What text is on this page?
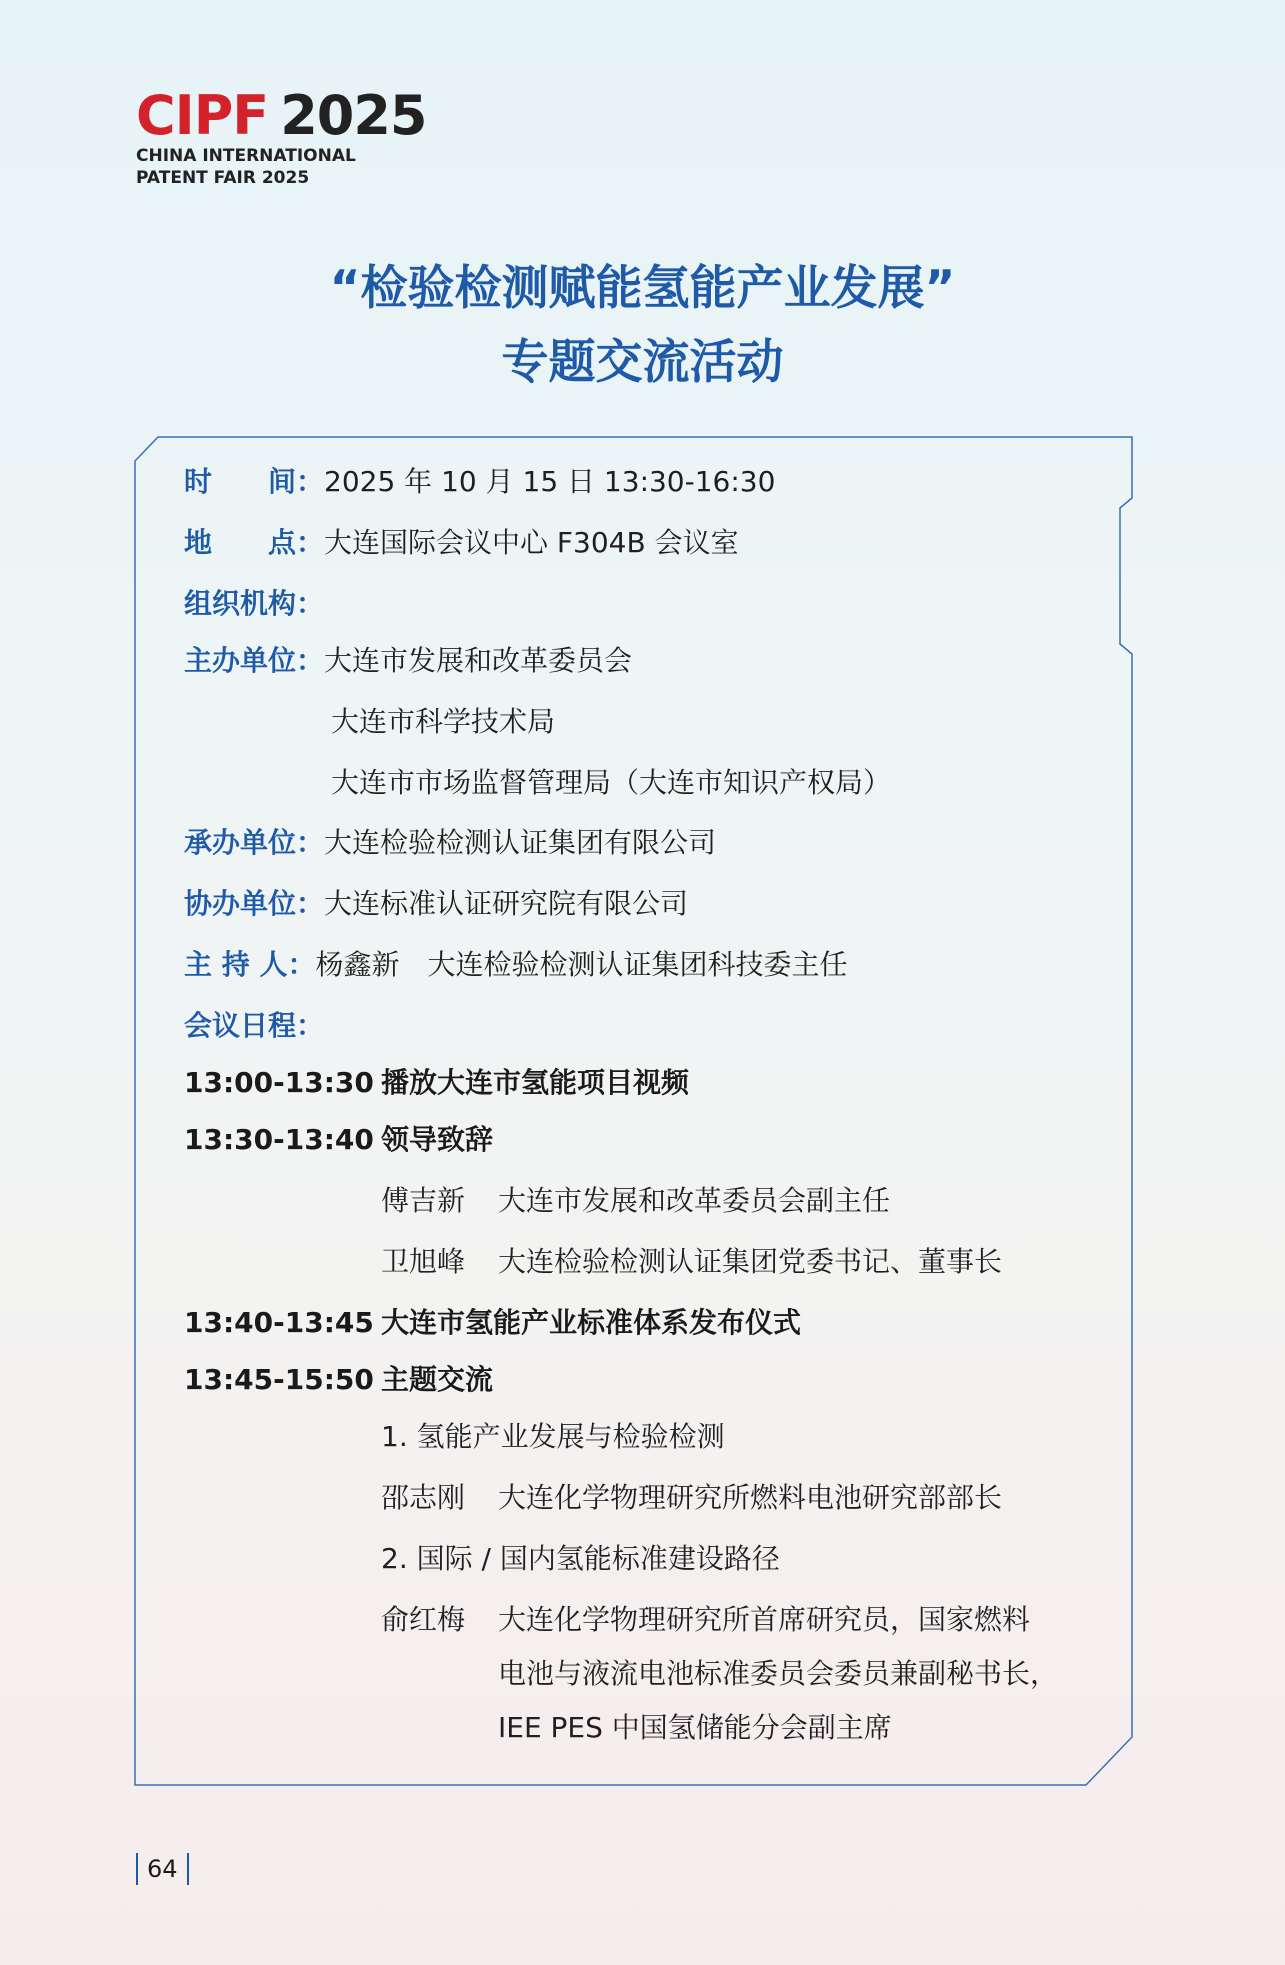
CIPF 2025
CHINA INTERNATIONAL
PATENT FAIR 2025
“检验检测赋能氢能产业发展”
专题交流活动
时　　间：2025 年 10 月 15 日 13:30-16:30
地　　点：大连国际会议中心 F304B 会议室
组织机构：
主办单位：大连市发展和改革委员会
大连市科学技术局
大连市市场监督管理局（大连市知识产权局）
承办单位：大连检验检测认证集团有限公司
协办单位：大连标准认证研究院有限公司
主 持 人：杨鑫新 大连检验检测认证集团科技委主任
会议日程：
13:00-13:30 播放大连市氢能项目视频
13:30-13:40 领导致辞
傅吉新 大连市发展和改革委员会副主任
卫旭峰 大连检验检测认证集团党委书记、董事长
13:40-13:45 大连市氢能产业标准体系发布仪式
13:45-15:50 主题交流
1. 氢能产业发展与检验检测
邵志刚 大连化学物理研究所燃料电池研究部部长
2. 国际 / 国内氢能标准建设路径
俞红梅 大连化学物理研究所首席研究员，国家燃料
电池与液流电池标准委员会委员兼副秘书长，
IEE PES 中国氢储能分会副主席
64
